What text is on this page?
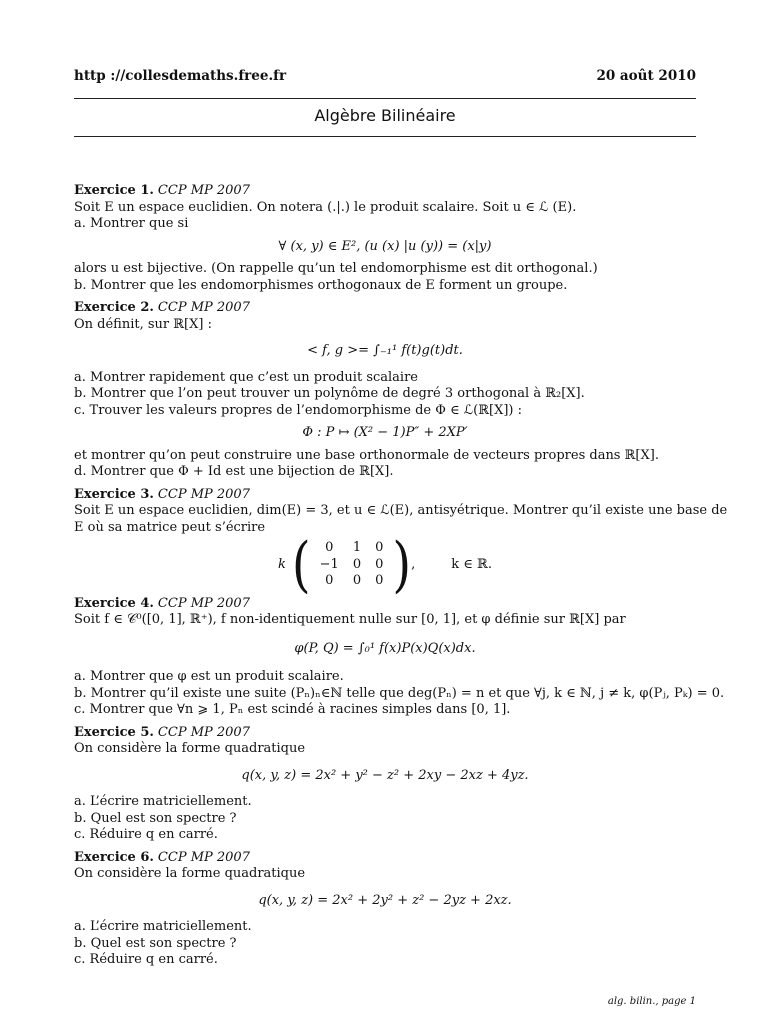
http ://collesdemaths.free.fr	20 août 2010
Algèbre Bilinéaire
Exercice 1. CCP MP 2007
Soit E un espace euclidien. On notera (.|.) le produit scalaire. Soit u ∈ ℒ (E).
a. Montrer que si
∀ (x, y) ∈ E², (u (x) |u (y)) = (x|y)
alors u est bijective. (On rappelle qu’un tel endomorphisme est dit orthogonal.)
b. Montrer que les endomorphismes orthogonaux de E forment un groupe.
Exercice 2. CCP MP 2007
On définit, sur ℝ[X] :
< f, g >= ∫₋₁¹ f(t)g(t)dt.
a. Montrer rapidement que c’est un produit scalaire
b. Montrer que l’on peut trouver un polynôme de degré 3 orthogonal à ℝ₂[X].
c. Trouver les valeurs propres de l’endomorphisme de Φ ∈ ℒ(ℝ[X]) :
Φ : P ↦ (X² − 1)P″ + 2XP′
et montrer qu’on peut construire une base orthonormale de vecteurs propres dans ℝ[X].
d. Montrer que Φ + Id est une bijection de ℝ[X].
Exercice 3. CCP MP 2007
Soit E un espace euclidien, dim(E) = 3, et u ∈ ℒ(E), antisyétrique. Montrer qu’il existe une base de
E où sa matrice peut s’écrire
k ( 0	1	0
−1	0	0
0	0	0 ) ,	k ∈ ℝ.
Exercice 4. CCP MP 2007
Soit f ∈ 𝒞⁰([0, 1], ℝ⁺), f non-identiquement nulle sur [0, 1], et φ définie sur ℝ[X] par
φ(P, Q) = ∫₀¹ f(x)P(x)Q(x)dx.
a. Montrer que φ est un produit scalaire.
b. Montrer qu’il existe une suite (Pₙ)ₙ∈ℕ telle que deg(Pₙ) = n et que ∀j, k ∈ ℕ, j ≠ k, φ(Pⱼ, Pₖ) = 0.
c. Montrer que ∀n ⩾ 1, Pₙ est scindé à racines simples dans [0, 1].
Exercice 5. CCP MP 2007
On considère la forme quadratique
q(x, y, z) = 2x² + y² − z² + 2xy − 2xz + 4yz.
a. L’écrire matriciellement.
b. Quel est son spectre ?
c. Réduire q en carré.
Exercice 6. CCP MP 2007
On considère la forme quadratique
q(x, y, z) = 2x² + 2y² + z² − 2yz + 2xz.
a. L’écrire matriciellement.
b. Quel est son spectre ?
c. Réduire q en carré.
alg. bilin., page 1
